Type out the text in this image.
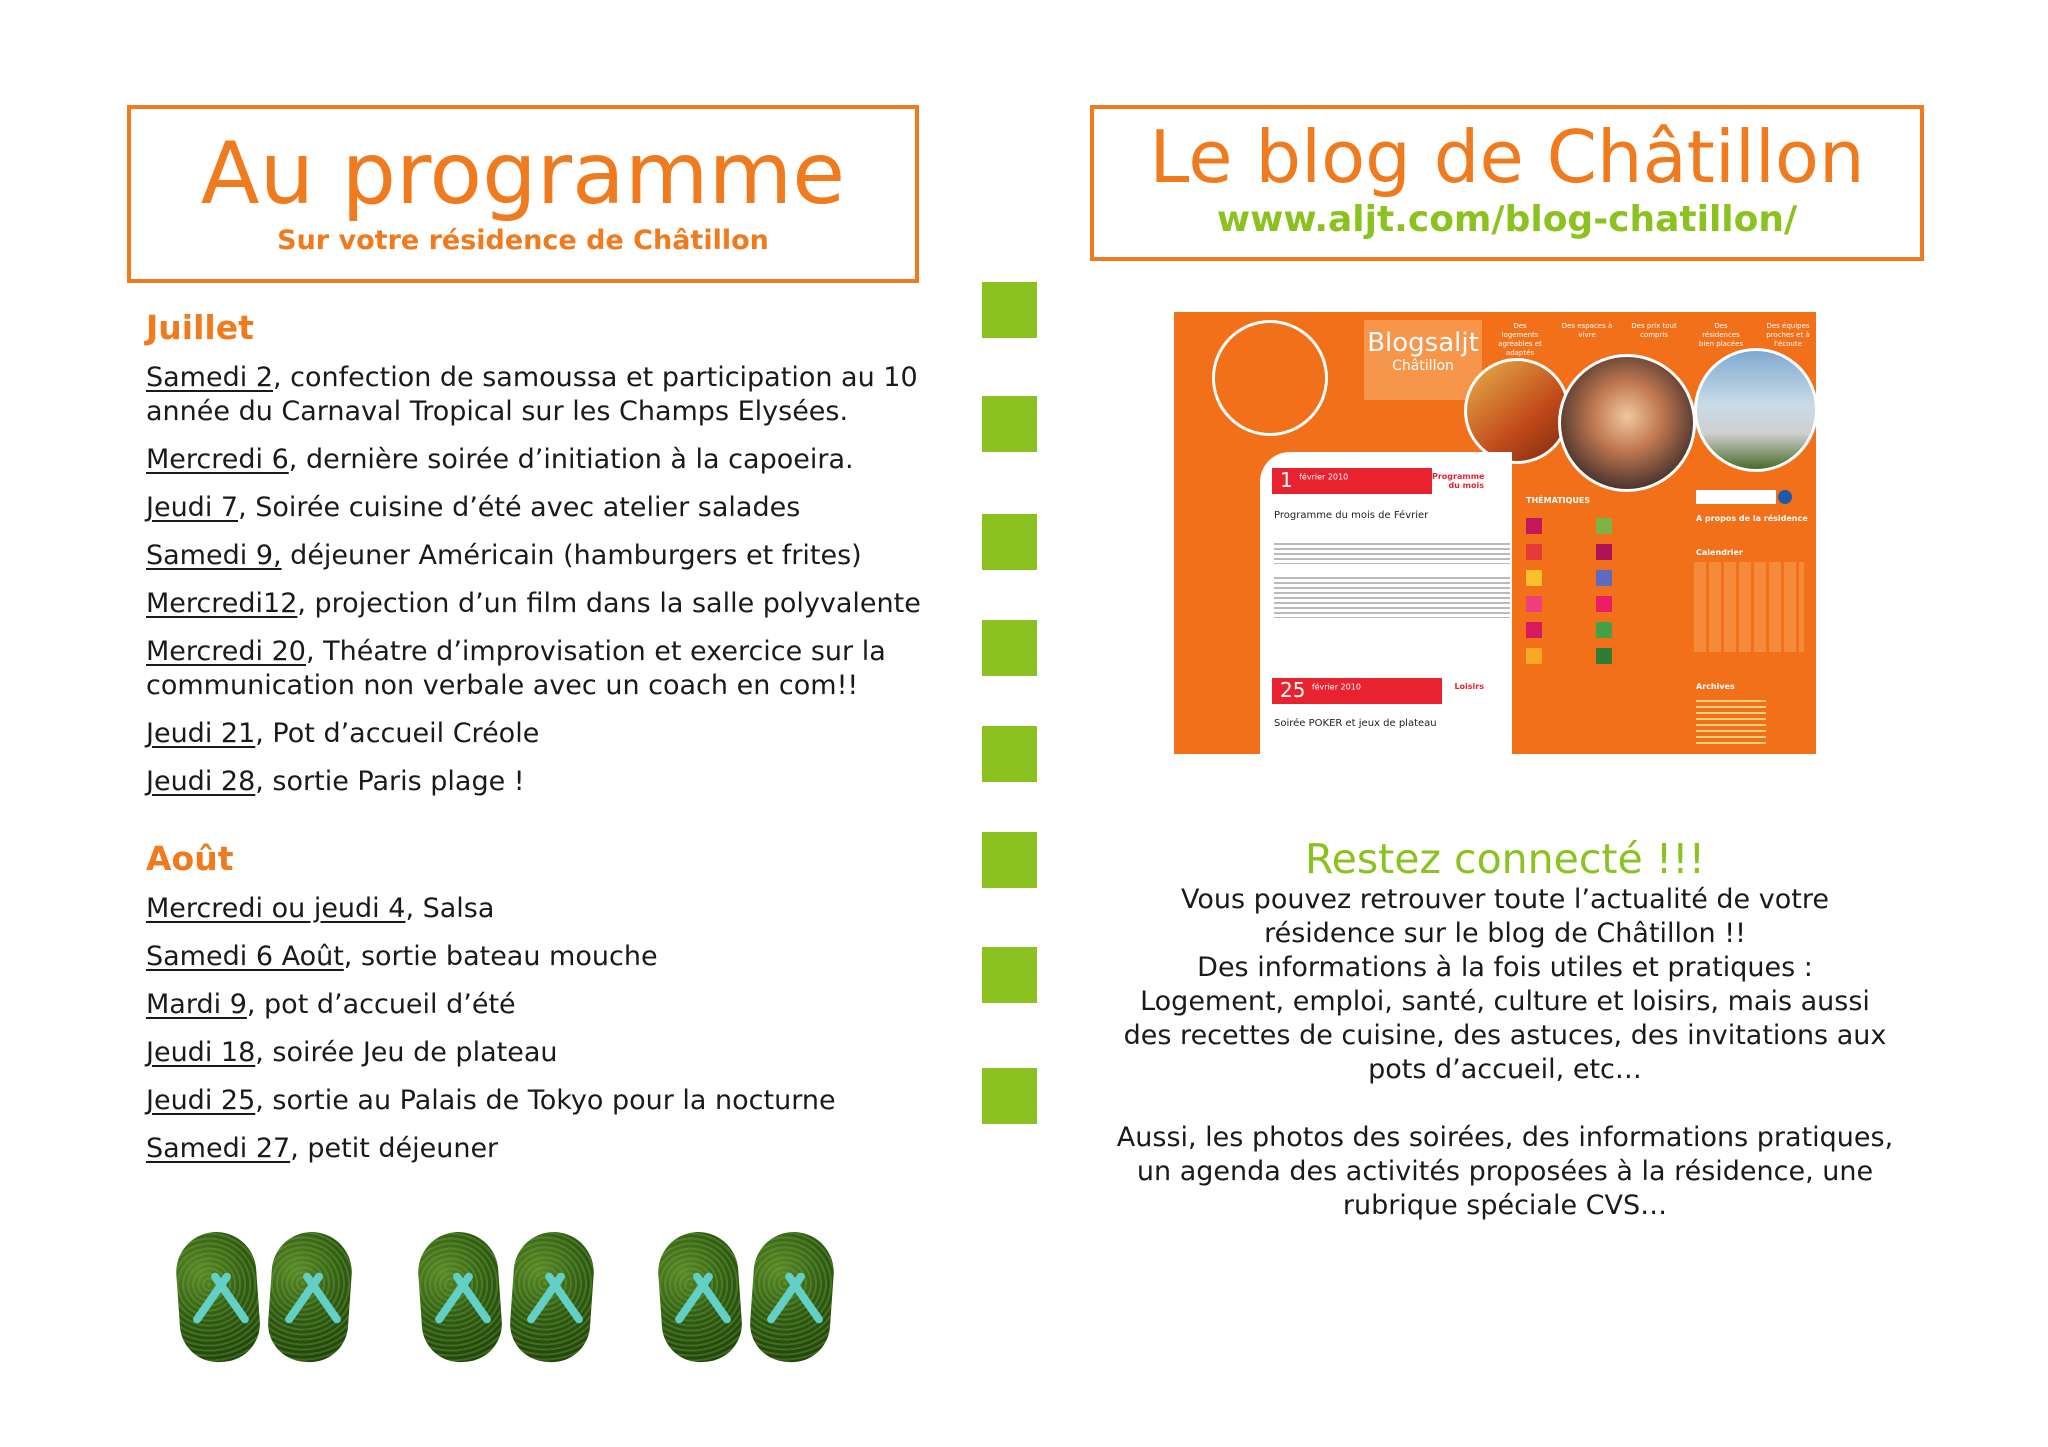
Au programme
Sur votre résidence de Châtillon
Juillet
Samedi 2, confection de samoussa et participation au 10 année du Carnaval Tropical sur les Champs Elysées.
Mercredi 6, dernière soirée d’initiation à la capoeira.
Jeudi 7, Soirée cuisine d’été avec atelier salades
Samedi 9, déjeuner Américain (hamburgers et frites)
Mercredi12, projection d’un film dans la salle polyvalente
Mercredi 20, Théatre d’improvisation et exercice sur la communication non verbale avec un coach en com!!
Jeudi 21, Pot d’accueil Créole
Jeudi 28, sortie Paris plage !
Août
Mercredi ou jeudi 4, Salsa
Samedi 6 Août, sortie bateau mouche
Mardi 9, pot d’accueil d’été
Jeudi 18, soirée Jeu de plateau
Jeudi 25, sortie au Palais de Tokyo pour la nocturne
Samedi 27, petit déjeuner
Le blog de Châtillon
www.aljt.com/blog-chatillon/
Blogsaljt
Châtillon
Des logements agréables et adaptés
Des espaces à vivre
Des prix tout compris
Des résidences bien placées
Des équipes proches et à l'écoute
1 $^{février 2010}$	Programme du mois
Programme du mois de Février
25 $^{février 2010}$	Loisirs
Soirée POKER et jeux de plateau
THÉMATIQUES
A propos de la résidence
Calendrier
Archives
Restez connecté !!!
Vous pouvez retrouver toute l’actualité de votre
résidence sur le blog de Châtillon !!
Des informations à la fois utiles et pratiques :
Logement, emploi, santé, culture et loisirs, mais aussi
des recettes de cuisine, des astuces, des invitations aux
pots d’accueil, etc…
Aussi, les photos des soirées, des informations pratiques,
un agenda des activités proposées à la résidence, une
rubrique spéciale CVS…
